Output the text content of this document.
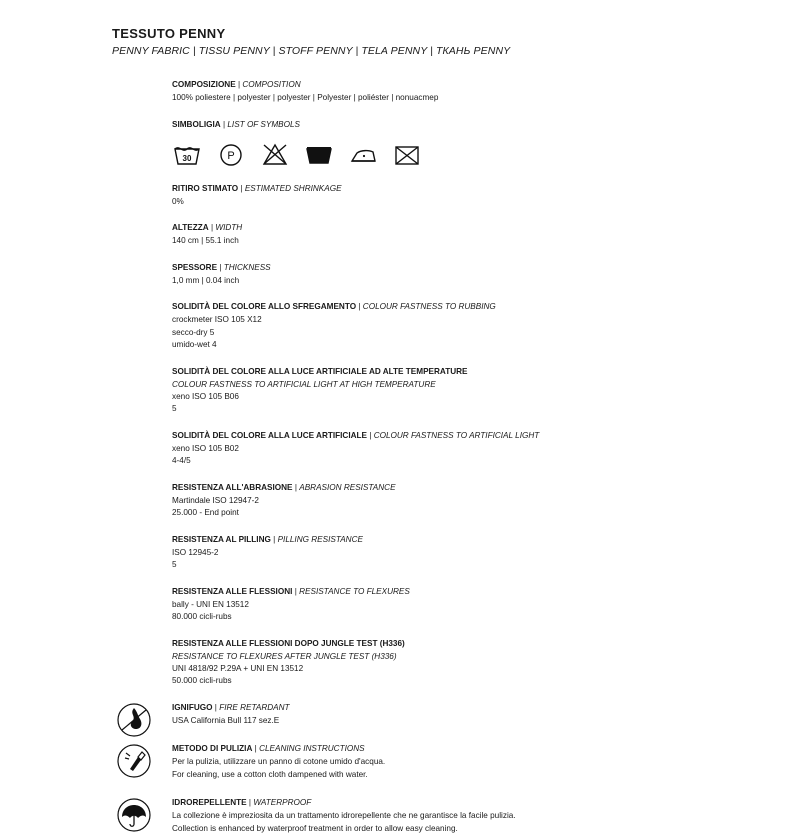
TESSUTO PENNY
PENNY FABRIC | TISSU PENNY | STOFF PENNY | TELA PENNY | ТКАНЬ PENNY
COMPOSIZIONE | COMPOSITION
100% poliestere | polyester | polyester | Polyester | poliéster | nonuacmep
SIMBOLIGIA | LIST OF SYMBOLS
30	P
RITIRO STIMATO | ESTIMATED SHRINKAGE
0%
ALTEZZA | WIDTH
140 cm | 55.1 inch
SPESSORE | THICKNESS
1,0 mm | 0.04 inch
SOLIDITÀ DEL COLORE ALLO SFREGAMENTO | COLOUR FASTNESS TO RUBBING
crockmeter ISO 105 X12
secco-dry 5
umido-wet 4
SOLIDITÀ DEL COLORE ALLA LUCE ARTIFICIALE AD ALTE TEMPERATURE
COLOUR FASTNESS TO ARTIFICIAL LIGHT AT HIGH TEMPERATURE
xeno ISO 105 B06
5
SOLIDITÀ DEL COLORE ALLA LUCE ARTIFICIALE | COLOUR FASTNESS TO ARTIFICIAL LIGHT
xeno ISO 105 B02
4-4/5
RESISTENZA ALL'ABRASIONE | ABRASION RESISTANCE
Martindale ISO 12947-2
25.000 - End point
RESISTENZA AL PILLING | PILLING RESISTANCE
ISO 12945-2
5
RESISTENZA ALLE FLESSIONI | RESISTANCE TO FLEXURES
bally - UNI EN 13512
80.000 cicli-rubs
RESISTENZA ALLE FLESSIONI DOPO JUNGLE TEST (H336)
RESISTANCE TO FLEXURES AFTER JUNGLE TEST (H336)
UNI 4818/92 P.29A + UNI EN 13512
50.000 cicli-rubs
IGNIFUGO | FIRE RETARDANT
USA California Bull 117 sez.E
METODO DI PULIZIA | CLEANING INSTRUCTIONS
Per la pulizia, utilizzare un panno di cotone umido d'acqua.
For cleaning, use a cotton cloth dampened with water.
IDROREPELLENTE | WATERPROOF
La collezione è impreziosita da un trattamento idrorepellente che ne garantisce la facile pulizia.
Collection is enhanced by waterproof treatment in order to allow easy cleaning.
